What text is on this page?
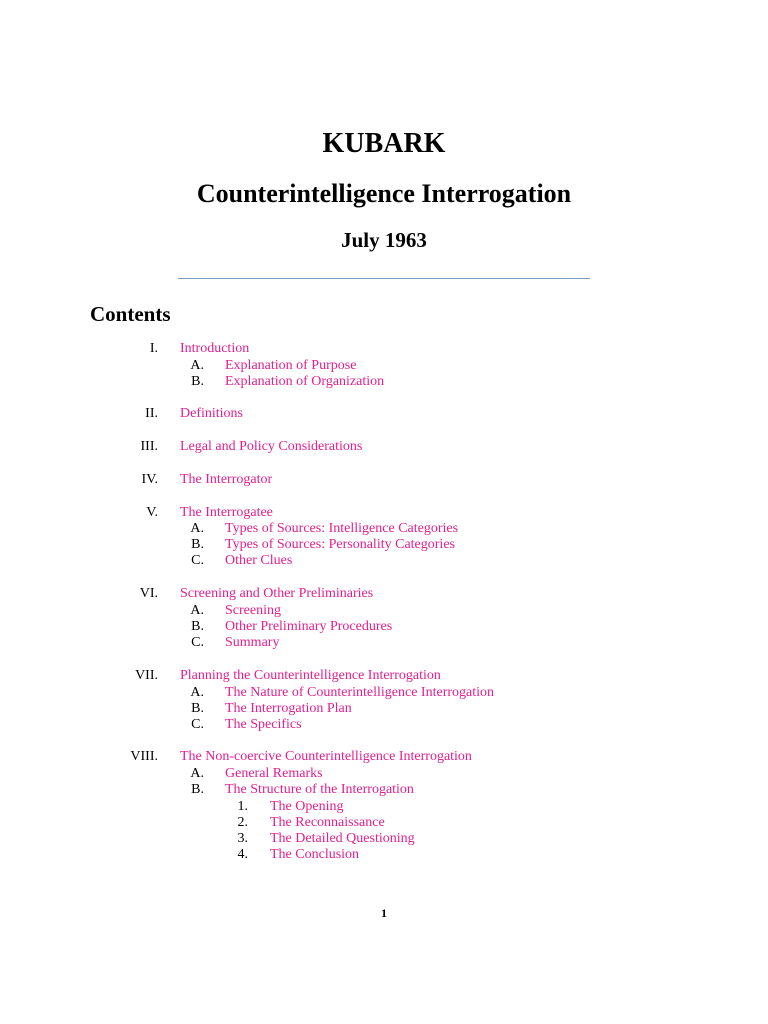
KUBARK
Counterintelligence Interrogation
July 1963
Contents
I. Introduction
A. Explanation of Purpose
B. Explanation of Organization
II. Definitions
III. Legal and Policy Considerations
IV. The Interrogator
V. The Interrogatee
A. Types of Sources: Intelligence Categories
B. Types of Sources: Personality Categories
C. Other Clues
VI. Screening and Other Preliminaries
A. Screening
B. Other Preliminary Procedures
C. Summary
VII. Planning the Counterintelligence Interrogation
A. The Nature of Counterintelligence Interrogation
B. The Interrogation Plan
C. The Specifics
VIII. The Non-coercive Counterintelligence Interrogation
A. General Remarks
B. The Structure of the Interrogation
1. The Opening
2. The Reconnaissance
3. The Detailed Questioning
4. The Conclusion
1
